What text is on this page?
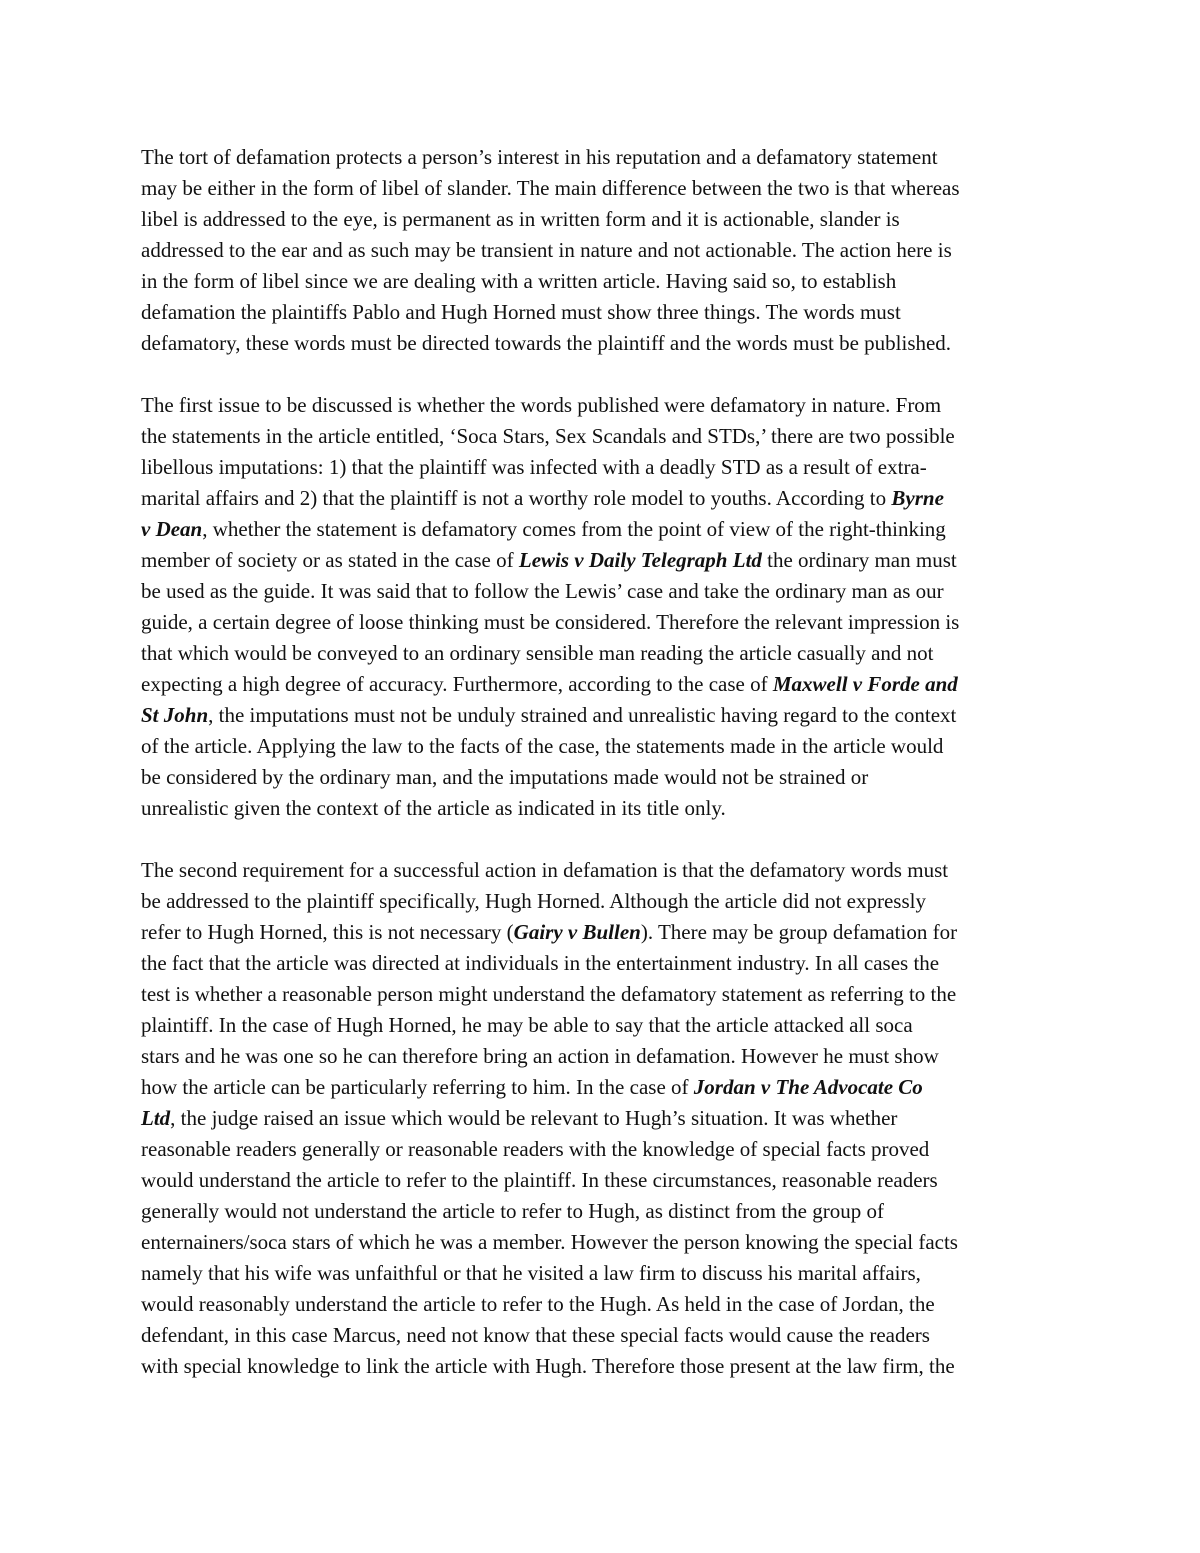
The tort of defamation protects a person’s interest in his reputation and a defamatory statement
may be either in the form of libel of slander. The main difference between the two is that whereas
libel is addressed to the eye, is permanent as in written form and it is actionable, slander is
addressed to the ear and as such may be transient in nature and not actionable. The action here is
in the form of libel since we are dealing with a written article. Having said so, to establish
defamation the plaintiffs Pablo and Hugh Horned must show three things. The words must
defamatory, these words must be directed towards the plaintiff and the words must be published.

The first issue to be discussed is whether the words published were defamatory in nature. From
the statements in the article entitled, ‘Soca Stars, Sex Scandals and STDs,’ there are two possible
libellous imputations: 1) that the plaintiff was infected with a deadly STD as a result of extra-
marital affairs and 2) that the plaintiff is not a worthy role model to youths. According to Byrne
v Dean, whether the statement is defamatory comes from the point of view of the right-thinking
member of society or as stated in the case of Lewis v Daily Telegraph Ltd the ordinary man must
be used as the guide. It was said that to follow the Lewis’ case and take the ordinary man as our
guide, a certain degree of loose thinking must be considered. Therefore the relevant impression is
that which would be conveyed to an ordinary sensible man reading the article casually and not
expecting a high degree of accuracy. Furthermore, according to the case of Maxwell v Forde and
St John, the imputations must not be unduly strained and unrealistic having regard to the context
of the article. Applying the law to the facts of the case, the statements made in the article would
be considered by the ordinary man, and the imputations made would not be strained or
unrealistic given the context of the article as indicated in its title only.

The second requirement for a successful action in defamation is that the defamatory words must
be addressed to the plaintiff specifically, Hugh Horned. Although the article did not expressly
refer to Hugh Horned, this is not necessary (Gairy v Bullen). There may be group defamation for
the fact that the article was directed at individuals in the entertainment industry. In all cases the
test is whether a reasonable person might understand the defamatory statement as referring to the
plaintiff. In the case of Hugh Horned, he may be able to say that the article attacked all soca
stars and he was one so he can therefore bring an action in defamation. However he must show
how the article can be particularly referring to him. In the case of Jordan v The Advocate Co
Ltd, the judge raised an issue which would be relevant to Hugh’s situation. It was whether
reasonable readers generally or reasonable readers with the knowledge of special facts proved
would understand the article to refer to the plaintiff. In these circumstances, reasonable readers
generally would not understand the article to refer to Hugh, as distinct from the group of
enternainers/soca stars of which he was a member. However the person knowing the special facts
namely that his wife was unfaithful or that he visited a law firm to discuss his marital affairs,
would reasonably understand the article to refer to the Hugh. As held in the case of Jordan, the
defendant, in this case Marcus, need not know that these special facts would cause the readers
with special knowledge to link the article with Hugh. Therefore those present at the law firm, the
